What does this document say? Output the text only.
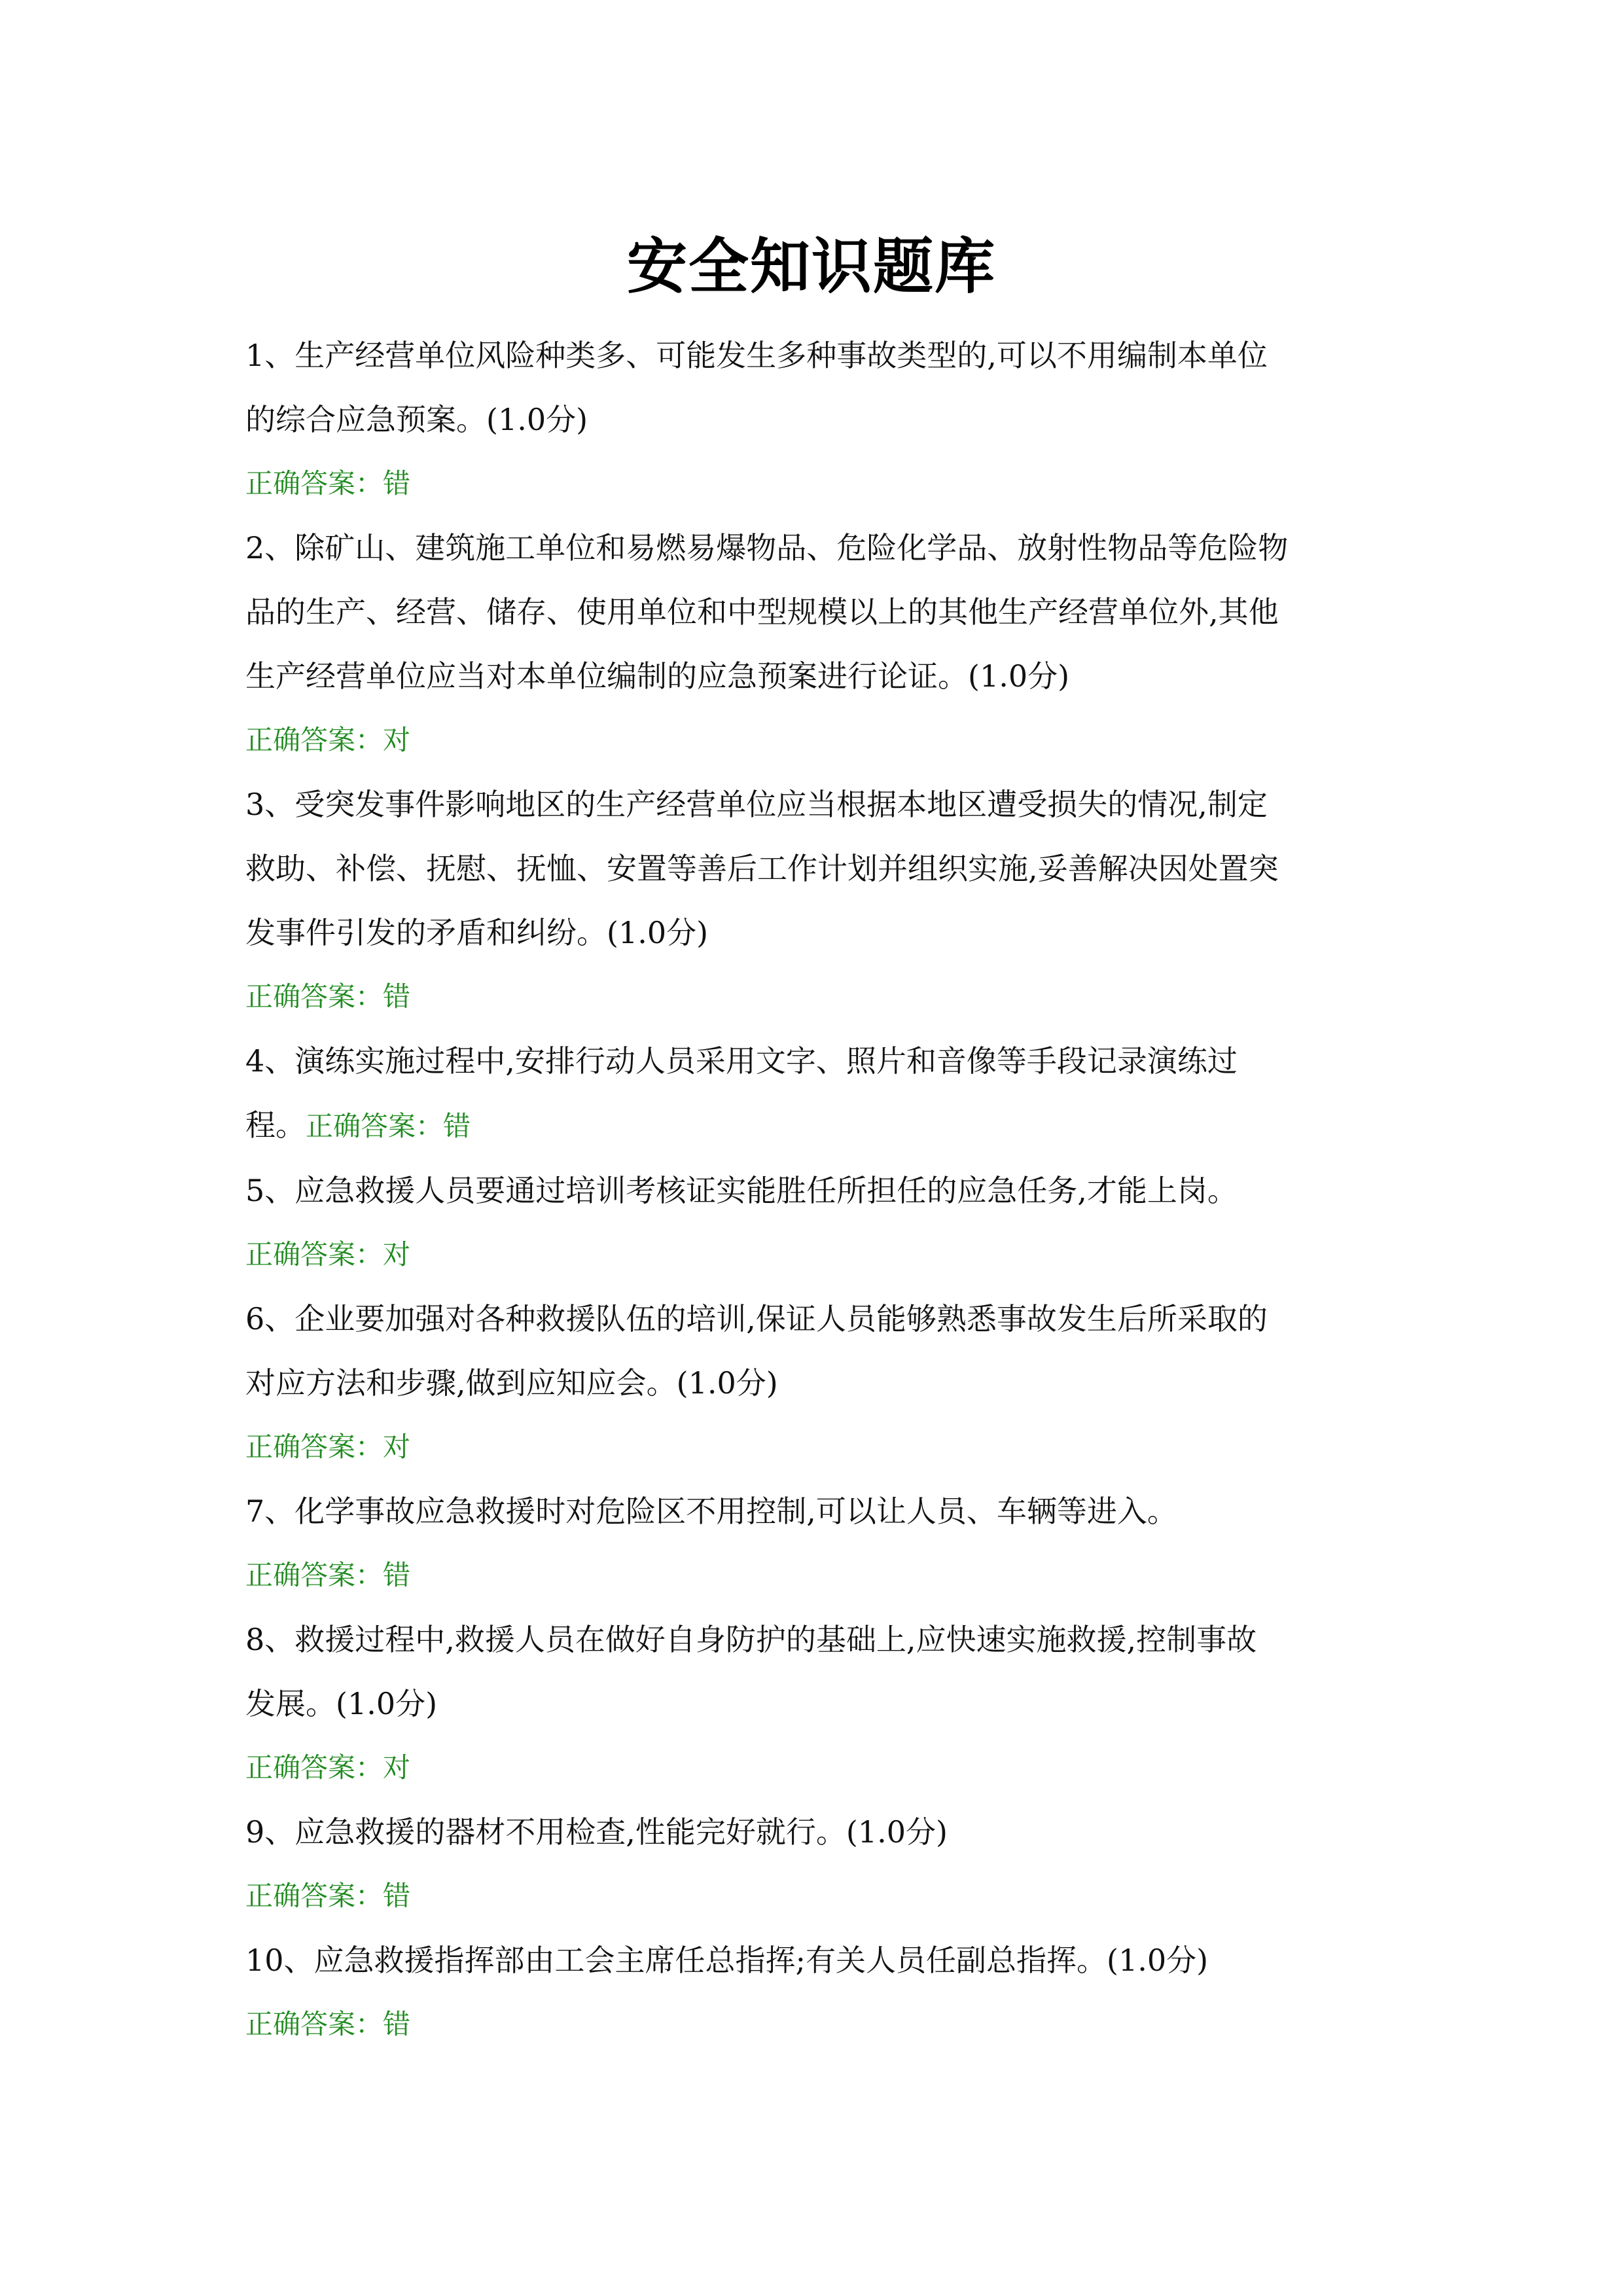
安全知识题库

1、生产经营单位风险种类多、可能发生多种事故类型的,可以不用编制本单位

的综合应急预案。(1.0分)

正确答案：错

2、除矿山、建筑施工单位和易燃易爆物品、危险化学品、放射性物品等危险物

品的生产、经营、储存、使用单位和中型规模以上的其他生产经营单位外,其他

生产经营单位应当对本单位编制的应急预案进行论证。(1.0分)

正确答案：对

3、受突发事件影响地区的生产经营单位应当根据本地区遭受损失的情况,制定

救助、补偿、抚慰、抚恤、安置等善后工作计划并组织实施,妥善解决因处置突

发事件引发的矛盾和纠纷。(1.0分)

正确答案：错

4、演练实施过程中,安排行动人员采用文字、照片和音像等手段记录演练过

程。正确答案：错

5、应急救援人员要通过培训考核证实能胜任所担任的应急任务,才能上岗。

正确答案：对

6、企业要加强对各种救援队伍的培训,保证人员能够熟悉事故发生后所采取的

对应方法和步骤,做到应知应会。(1.0分)

正确答案：对

7、化学事故应急救援时对危险区不用控制,可以让人员、车辆等进入。

正确答案：错

8、救援过程中,救援人员在做好自身防护的基础上,应快速实施救援,控制事故

发展。(1.0分)

正确答案：对

9、应急救援的器材不用检查,性能完好就行。(1.0分)

正确答案：错

10、应急救援指挥部由工会主席任总指挥;有关人员任副总指挥。(1.0分)

正确答案：错
